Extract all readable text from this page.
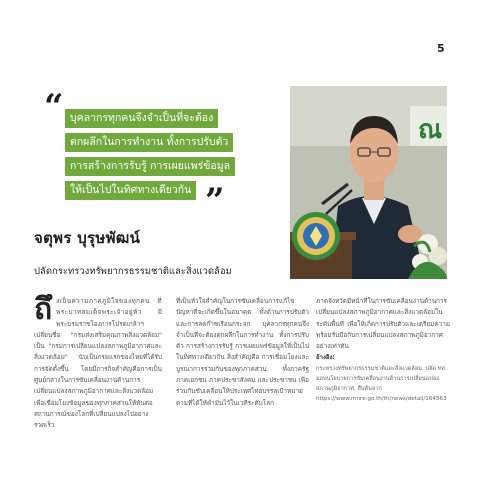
5
“ บุคลากรทุกคนจึงจำเป็นที่จะต้อง
ตกผลึกในการทำงาน ทั้งการปรับตัว
การสร้างการรับรู้ การเผยแพร่ข้อมูล
ให้เป็นไปในทิศทางเดียวกัน ”
ณ
จตุพร บุรุษพัฒน์
ปลัดกระทรวงทรัพยากรธรรมชาติและสิ่งแวดล้อม
ถึ งเป็นความภาคภูมิใจของทุกคน ที่พระบาทสมเด็จพระเจ้าอยู่หัว	มีพระบรมราชโองการโปรดเกล้าฯ เปลี่ยนชื่อ "กรมส่งเสริมคุณภาพสิ่งแวดล้อม" เป็น "กรมการเปลี่ยนแปลงสภาพภูมิอากาศและสิ่งแวดล้อม" นับเป็นกรมแรกของไทยที่ได้รับการจัดตั้งขึ้น โดยมีภารกิจสำคัญคือการเป็นศูนย์กลางในการขับเคลื่อนงานด้านการเปลี่ยนแปลงสภาพภูมิอากาศและสิ่งแวดล้อม เพื่อเชื่อมโยงข้อมูลของทุกภาคส่วนให้ทันต่อสถานการณ์ของโลกที่เปลี่ยนแปลงไปอย่างรวดเร็ว

ที่เป็นหัวใจสำคัญในการขับเคลื่อนการแก้ไขปัญหาที่จะเกิดขึ้นในอนาคต ทั้งด้านการปรับตัว และการลดก๊าซเรือนกระจก บุคลากรทุกคนจึงจำเป็นที่จะต้องตกผลึกในการทำงาน ทั้งการปรับตัว การสร้างการรับรู้ การเผยแพร่ข้อมูลให้เป็นไปในทิศทางเดียวกัน สิ่งสำคัญคือ การเชื่อมโยงและบูรณาการร่วมกันของทุกภาคส่วน ทั้งภาครัฐ ภาคเอกชน ภาคประชาสังคม และประชาชน เพื่อร่วมกันขับเคลื่อนให้ประเทศไทยบรรลุเป้าหมายตามที่ได้ให้คำมั่นไว้ในเวทีระดับโลก

ภาคจังหวัดมีหน้าที่ในการขับเคลื่อนงานด้านการเปลี่ยนแปลงสภาพภูมิอากาศและสิ่งแวดล้อมในระดับพื้นที่ เพื่อให้เกิดการปรับตัวและเตรียมความพร้อมรับมือกับการเปลี่ยนแปลงสภาพภูมิอากาศอย่างเท่าทัน

อ้างอิง:

กระทรวงทรัพยากรธรรมชาติและสิ่งแวดล้อม. ปลัด ทส. มอบนโยบายการขับเคลื่อนงานด้านการเปลี่ยนแปลงสภาพภูมิอากาศ. สืบค้นจาก https://www.mnre.go.th/th/news/detail/164563
